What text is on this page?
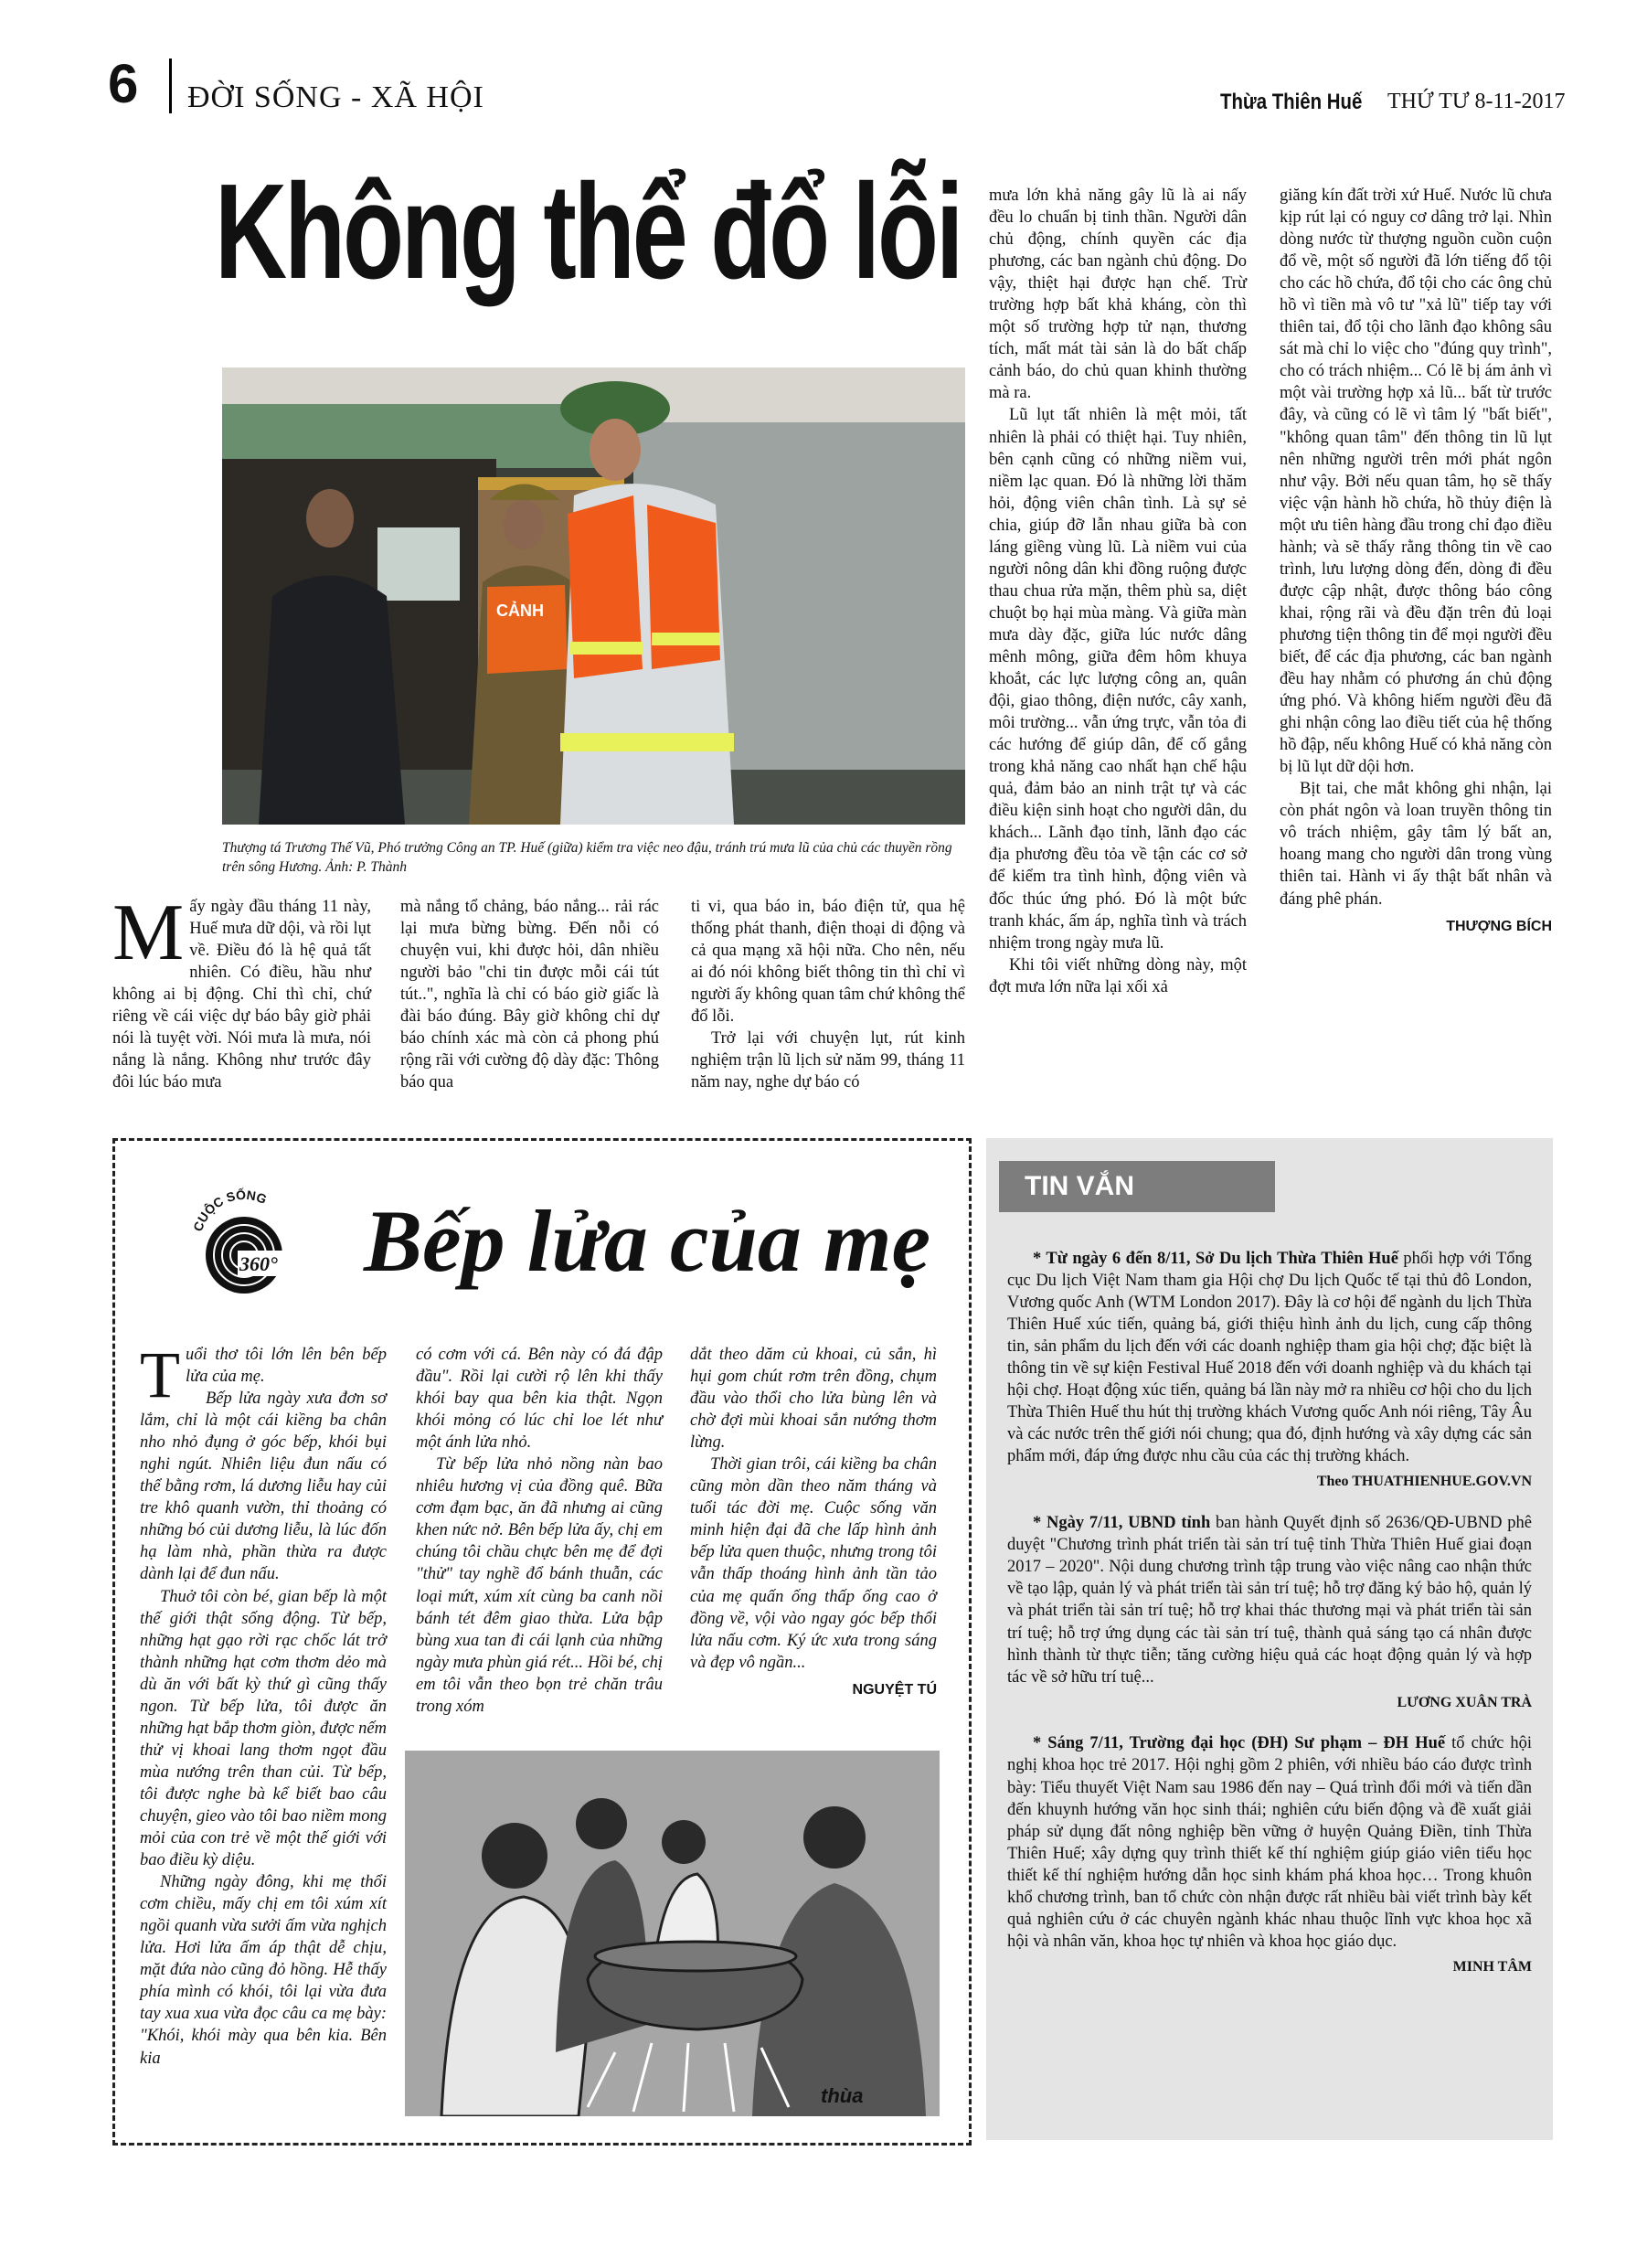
6 ĐỜI SỐNG - XÃ HỘI	Thừa Thiên Huế THỨ TƯ 8-11-2017
Không thể đổ lỗi
CẢNH
Thượng tá Trương Thế Vũ, Phó trưởng Công an TP. Huế (giữa) kiểm tra việc neo đậu, tránh trú mưa lũ của chủ các thuyền rồng trên sông Hương. Ảnh: P. Thành

Mấy ngày đầu tháng 11 này, Huế mưa dữ dội, và rồi lụt về. Điều đó là hệ quả tất nhiên. Có điều, hầu như không ai bị động. Chỉ thì chỉ, chứ riêng về cái việc dự báo bây giờ phải nói là tuyệt vời. Nói mưa là mưa, nói nắng là nắng. Không như trước đây đôi lúc báo mưa

mà nắng tổ chảng, báo nắng... rải rác lại mưa bừng bừng. Đến nỗi có chuyện vui, khi được hỏi, dân nhiều người bảo "chi tin được mỗi cái tút tút..", nghĩa là chỉ có báo giờ giấc là đài báo đúng. Bây giờ không chỉ dự báo chính xác mà còn cả phong phú rộng rãi với cường độ dày đặc: Thông báo qua

ti vi, qua báo in, báo điện tử, qua hệ thống phát thanh, điện thoại di động và cả qua mạng xã hội nữa. Cho nên, nếu ai đó nói không biết thông tin thì chỉ vì người ấy không quan tâm chứ không thể đổ lỗi.

Trở lại với chuyện lụt, rút kinh nghiệm trận lũ lịch sử năm 99, tháng 11 năm nay, nghe dự báo có

mưa lớn khả năng gây lũ là ai nấy đều lo chuẩn bị tinh thần. Người dân chủ động, chính quyền các địa phương, các ban ngành chủ động. Do vậy, thiệt hại được hạn chế. Trừ trường hợp bất khả kháng, còn thì một số trường hợp tử nạn, thương tích, mất mát tài sản là do bất chấp cảnh báo, do chủ quan khinh thường mà ra.

Lũ lụt tất nhiên là mệt mỏi, tất nhiên là phải có thiệt hại. Tuy nhiên, bên cạnh cũng có những niềm vui, niềm lạc quan. Đó là những lời thăm hỏi, động viên chân tình. Là sự sẻ chia, giúp đỡ lẫn nhau giữa bà con láng giềng vùng lũ. Là niềm vui của người nông dân khi đồng ruộng được thau chua rửa mặn, thêm phù sa, diệt chuột bọ hại mùa màng. Và giữa màn mưa dày đặc, giữa lúc nước dâng mênh mông, giữa đêm hôm khuya khoắt, các lực lượng công an, quân đội, giao thông, điện nước, cây xanh, môi trường... vẫn ứng trực, vẫn tỏa đi các hướng để giúp dân, để cố gắng trong khả năng cao nhất hạn chế hậu quả, đảm bảo an ninh trật tự và các điều kiện sinh hoạt cho người dân, du khách... Lãnh đạo tỉnh, lãnh đạo các địa phương đều tỏa về tận các cơ sở để kiểm tra tình hình, động viên và đốc thúc ứng phó. Đó là một bức tranh khác, ấm áp, nghĩa tình và trách nhiệm trong ngày mưa lũ.

Khi tôi viết những dòng này, một đợt mưa lớn nữa lại xối xả

giăng kín đất trời xứ Huế. Nước lũ chưa kịp rút lại có nguy cơ dâng trở lại. Nhìn dòng nước từ thượng nguồn cuồn cuộn đổ về, một số người đã lớn tiếng đổ tội cho các hồ chứa, đổ tội cho các ông chủ hồ vì tiền mà vô tư "xả lũ" tiếp tay với thiên tai, đổ tội cho lãnh đạo không sâu sát mà chỉ lo việc cho "đúng quy trình", cho có trách nhiệm... Có lẽ bị ám ảnh vì một vài trường hợp xả lũ... bất từ trước đây, và cũng có lẽ vì tâm lý "bất biết", "không quan tâm" đến thông tin lũ lụt nên những người trên mới phát ngôn như vậy. Bởi nếu quan tâm, họ sẽ thấy việc vận hành hồ chứa, hồ thủy điện là một ưu tiên hàng đầu trong chỉ đạo điều hành; và sẽ thấy rằng thông tin về cao trình, lưu lượng dòng đến, dòng đi đều được cập nhật, được thông báo công khai, rộng rãi và đều đặn trên đủ loại phương tiện thông tin để mọi người đều biết, để các địa phương, các ban ngành đều hay nhằm có phương án chủ động ứng phó. Và không hiếm người đều đã ghi nhận công lao điều tiết của hệ thống hồ đập, nếu không Huế có khả năng còn bị lũ lụt dữ dội hơn.

Bịt tai, che mắt không ghi nhận, lại còn phát ngôn và loan truyền thông tin vô trách nhiệm, gây tâm lý bất an, hoang mang cho người dân trong vùng thiên tai. Hành vi ấy thật bất nhân và đáng phê phán.

THƯỢNG BÍCH
CUỘC SỐNG
360° Bếp lửa của mẹ

Tuổi thơ tôi lớn lên bên bếp lửa của mẹ.

Bếp lửa ngày xưa đơn sơ lắm, chỉ là một cái kiềng ba chân nho nhỏ đụng ở góc bếp, khói bụi nghi ngút. Nhiên liệu đun nấu có thể bằng rơm, lá dương liễu hay củi tre khô quanh vườn, thỉ thoảng có những bó củi dương liễu, là lúc đốn hạ làm nhà, phần thừa ra được dành lại để đun nấu.

Thuở tôi còn bé, gian bếp là một thế giới thật sống động. Từ bếp, những hạt gạo rời rạc chốc lát trở thành những hạt cơm thơm dẻo mà dù ăn với bất kỳ thứ gì cũng thấy ngon. Từ bếp lửa, tôi được ăn những hạt bắp thơm giòn, được nếm thử vị khoai lang thơm ngọt đầu mùa nướng trên than củi. Từ bếp, tôi được nghe bà kể biết bao câu chuyện, gieo vào tôi bao niềm mong mỏi của con trẻ về một thế giới với bao điều kỳ diệu.

Những ngày đông, khi mẹ thổi cơm chiều, mấy chị em tôi xúm xít ngồi quanh vừa sưởi ấm vừa nghịch lửa. Hơi lửa ấm áp thật dễ chịu, mặt đứa nào cũng đỏ hồng. Hễ thấy phía mình có khói, tôi lại vừa đưa tay xua xua vừa đọc câu ca mẹ bày: "Khói, khói mày qua bên kia. Bên kia

có cơm với cá. Bên này có đá đập đầu". Rồi lại cười rộ lên khi thấy khói bay qua bên kia thật. Ngọn khói mỏng có lúc chỉ loe lét như một ánh lửa nhỏ.

Từ bếp lửa nhỏ nồng nàn bao nhiêu hương vị của đồng quê. Bữa cơm đạm bạc, ăn đã nhưng ai cũng khen nức nở. Bên bếp lửa ấy, chị em chúng tôi chầu chực bên mẹ để đợi "thử" tay nghề đổ bánh thuẫn, các loại mứt, xúm xít cùng ba canh nồi bánh tét đêm giao thừa. Lửa bập bùng xua tan đi cái lạnh của những ngày mưa phùn giá rét... Hồi bé, chị em tôi vẫn theo bọn trẻ chăn trâu trong xóm

dắt theo dăm củ khoai, củ sắn, hì hụi gom chút rơm trên đồng, chụm đầu vào thổi cho lửa bùng lên và chờ đợi mùi khoai sắn nướng thơm lừng.

Thời gian trôi, cái kiềng ba chân cũng mòn dần theo năm tháng và tuổi tác đời mẹ. Cuộc sống văn minh hiện đại đã che lấp hình ảnh bếp lửa quen thuộc, nhưng trong tôi vẫn thấp thoáng hình ảnh tần tảo của mẹ quấn ống thấp ống cao ở đồng về, vội vào ngay góc bếp thổi lửa nấu cơm. Ký ức xưa trong sáng và đẹp vô ngần...

NGUYỆT TÚ
thùa
TIN VẮN

* Từ ngày 6 đến 8/11, Sở Du lịch Thừa Thiên Huế phối hợp với Tổng cục Du lịch Việt Nam tham gia Hội chợ Du lịch Quốc tế tại thủ đô London, Vương quốc Anh (WTM London 2017). Đây là cơ hội để ngành du lịch Thừa Thiên Huế xúc tiến, quảng bá, giới thiệu hình ảnh du lịch, cung cấp thông tin, sản phẩm du lịch đến với các doanh nghiệp tham gia hội chợ; đặc biệt là thông tin về sự kiện Festival Huế 2018 đến với doanh nghiệp và du khách tại hội chợ. Hoạt động xúc tiến, quảng bá lần này mở ra nhiều cơ hội cho du lịch Thừa Thiên Huế thu hút thị trường khách Vương quốc Anh nói riêng, Tây Âu và các nước trên thế giới nói chung; qua đó, định hướng và xây dựng các sản phẩm mới, đáp ứng được nhu cầu của các thị trường khách.

Theo THUATHIENHUE.GOV.VN

* Ngày 7/11, UBND tỉnh ban hành Quyết định số 2636/QĐ-UBND phê duyệt "Chương trình phát triển tài sản trí tuệ tỉnh Thừa Thiên Huế giai đoạn 2017 – 2020". Nội dung chương trình tập trung vào việc nâng cao nhận thức về tạo lập, quản lý và phát triển tài sản trí tuệ; hỗ trợ đăng ký bảo hộ, quản lý và phát triển tài sản trí tuệ; hỗ trợ khai thác thương mại và phát triển tài sản trí tuệ; hỗ trợ ứng dụng các tài sản trí tuệ, thành quả sáng tạo cá nhân được hình thành từ thực tiễn; tăng cường hiệu quả các hoạt động quản lý và hợp tác về sở hữu trí tuệ...

LƯƠNG XUÂN TRÀ

* Sáng 7/11, Trường đại học (ĐH) Sư phạm – ĐH Huế tổ chức hội nghị khoa học trẻ 2017. Hội nghị gồm 2 phiên, với nhiều báo cáo được trình bày: Tiểu thuyết Việt Nam sau 1986 đến nay – Quá trình đổi mới và tiến dần đến khuynh hướng văn học sinh thái; nghiên cứu biến động và đề xuất giải pháp sử dụng đất nông nghiệp bền vững ở huyện Quảng Điền, tỉnh Thừa Thiên Huế; xây dựng quy trình thiết kế thí nghiệm giúp giáo viên tiểu học thiết kế thí nghiệm hướng dẫn học sinh khám phá khoa học… Trong khuôn khổ chương trình, ban tổ chức còn nhận được rất nhiều bài viết trình bày kết quả nghiên cứu ở các chuyên ngành khác nhau thuộc lĩnh vực khoa học xã hội và nhân văn, khoa học tự nhiên và khoa học giáo dục.

MINH TÂM
